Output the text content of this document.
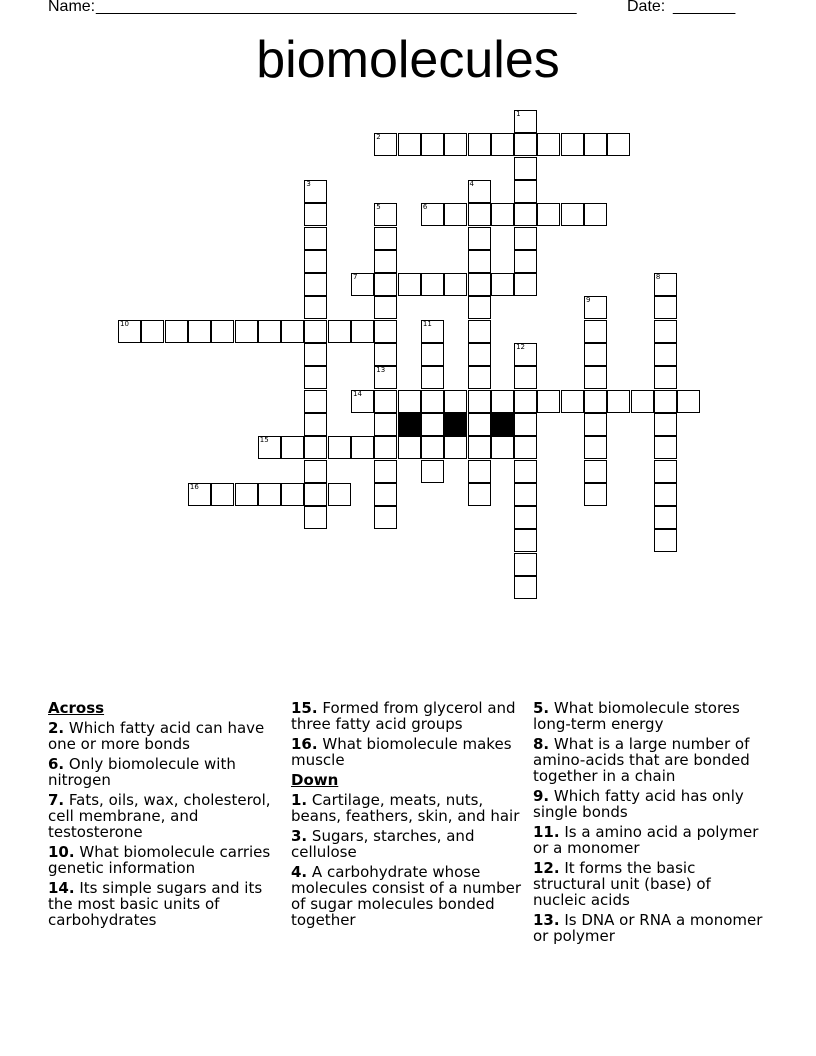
Name: ______________________________________________________	Date: _______
biomolecules
1
2
3	4
5
13
6
7	8
9
10	11
12
14
15
16
Across
2. Which fatty acid can have one or more bonds
6. Only biomolecule with nitrogen
7. Fats, oils, wax, cholesterol, cell membrane, and testosterone
10. What biomolecule carries genetic information
14. Its simple sugars and its the most basic units of carbohydrates
15. Formed from glycerol and three fatty acid groups
16. What biomolecule makes muscle
Down
1. Cartilage, meats, nuts, beans, feathers, skin, and hair
3. Sugars, starches, and cellulose
4. A carbohydrate whose molecules consist of a number of sugar molecules bonded together
5. What biomolecule stores long-term energy
8. What is a large number of amino-acids that are bonded together in a chain
9. Which fatty acid has only single bonds
11. Is a amino acid a polymer or a monomer
12. It forms the basic structural unit (base) of nucleic acids
13. Is DNA or RNA a monomer or polymer
